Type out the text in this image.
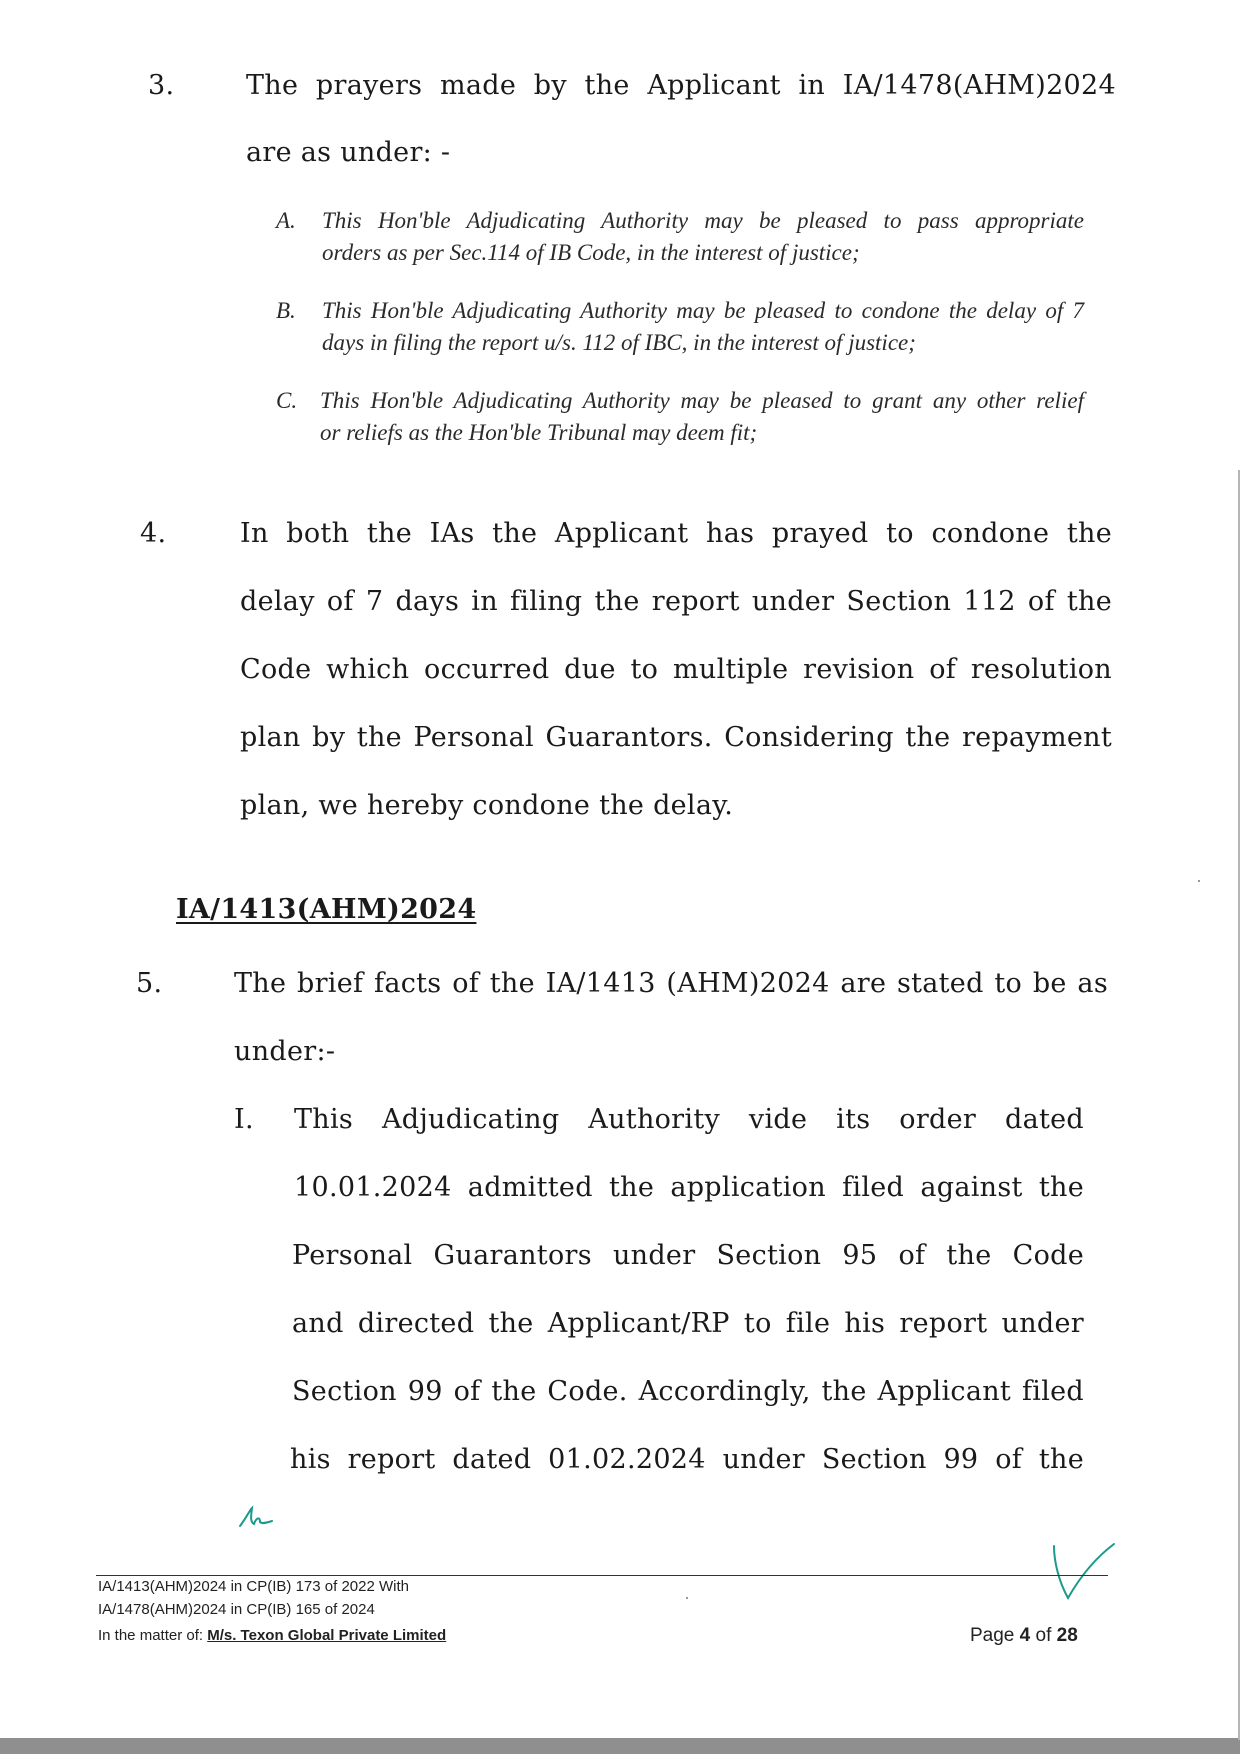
3.	The prayers made by the Applicant in IA/1478(AHM)2024
are as under: -
A. This Hon'ble Adjudicating Authority may be pleased to pass appropriate
orders as per Sec.114 of IB Code, in the interest of justice;
B. This Hon'ble Adjudicating Authority may be pleased to condone the delay of 7
days in filing the report u/s. 112 of IBC, in the interest of justice;
C. This Hon'ble Adjudicating Authority may be pleased to grant any other relief
or reliefs as the Hon'ble Tribunal may deem fit;
4.	In both the IAs the Applicant has prayed to condone the
delay of 7 days in filing the report under Section 112 of the
Code which occurred due to multiple revision of resolution
plan by the Personal Guarantors. Considering the repayment
plan, we hereby condone the delay.
IA/1413(AHM)2024
5.	The brief facts of the IA/1413 (AHM)2024 are stated to be as
under:-
I. This Adjudicating Authority vide its order dated
10.01.2024 admitted the application filed against the
Personal Guarantors under Section 95 of the Code
and directed the Applicant/RP to file his report under
Section 99 of the Code. Accordingly, the Applicant filed
his report dated 01.02.2024 under Section 99 of the
IA/1413(AHM)2024 in CP(IB) 173 of 2022 With
IA/1478(AHM)2024 in CP(IB) 165 of 2024
In the matter of: M/s. Texon Global Private Limited	Page 4 of 28
